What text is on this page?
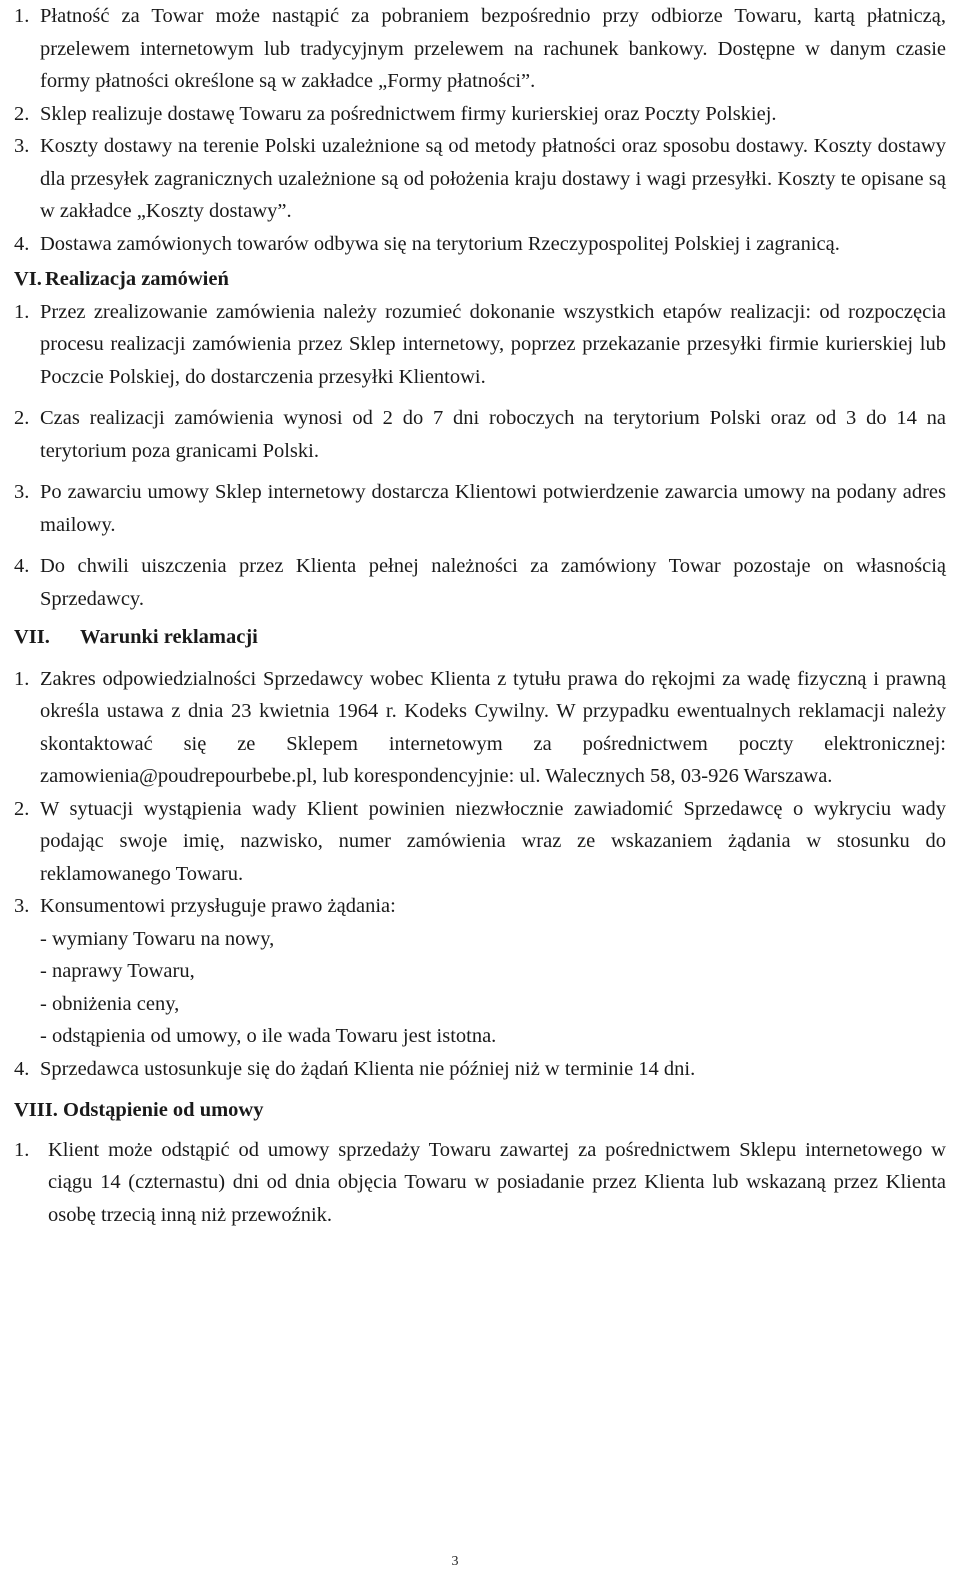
1. Płatność za Towar może nastąpić za pobraniem bezpośrednio przy odbiorze Towaru, kartą płatniczą, przelewem internetowym lub tradycyjnym przelewem na rachunek bankowy. Dostępne w danym czasie formy płatności określone są w zakładce „Formy płatności”.
2. Sklep realizuje dostawę Towaru za pośrednictwem firmy kurierskiej oraz Poczty Polskiej.
3. Koszty dostawy na terenie Polski uzależnione są od metody płatności oraz sposobu dostawy. Koszty dostawy dla przesyłek zagranicznych uzależnione są od położenia kraju dostawy i wagi przesyłki. Koszty te opisane są w zakładce „Koszty dostawy”.
4. Dostawa zamówionych towarów odbywa się na terytorium Rzeczypospolitej Polskiej i zagranicą.
VI. Realizacja zamówień
1. Przez zrealizowanie zamówienia należy rozumieć dokonanie wszystkich etapów realizacji: od rozpoczęcia procesu realizacji zamówienia przez Sklep internetowy, poprzez przekazanie przesyłki firmie kurierskiej lub Poczcie Polskiej, do dostarczenia przesyłki Klientowi.
2. Czas realizacji zamówienia wynosi od 2 do 7 dni roboczych na terytorium Polski oraz od 3 do 14 na terytorium poza granicami Polski.
3. Po zawarciu umowy Sklep internetowy dostarcza Klientowi potwierdzenie zawarcia umowy na podany adres mailowy.
4. Do chwili uiszczenia przez Klienta pełnej należności za zamówiony Towar pozostaje on własnością Sprzedawcy.
VII. Warunki reklamacji
1. Zakres odpowiedzialności Sprzedawcy wobec Klienta z tytułu prawa do rękojmi za wadę fizyczną i prawną określa ustawa z dnia 23 kwietnia 1964 r. Kodeks Cywilny. W przypadku ewentualnych reklamacji należy skontaktować się ze Sklepem internetowym za pośrednictwem poczty elektronicznej: zamowienia@poudrepourbebe.pl, lub korespondencyjnie: ul. Walecznych 58, 03-926 Warszawa.
2. W sytuacji wystąpienia wady Klient powinien niezwłocznie zawiadomić Sprzedawcę o wykryciu wady podając swoje imię, nazwisko, numer zamówienia wraz ze wskazaniem żądania w stosunku do reklamowanego Towaru.
3. Konsumentowi przysługuje prawo żądania:
- wymiany Towaru na nowy,
- naprawy Towaru,
- obniżenia ceny,
- odstąpienia od umowy, o ile wada Towaru jest istotna.
4. Sprzedawca ustosunkuje się do żądań Klienta nie później niż w terminie 14 dni.
VIII. Odstąpienie od umowy
1. Klient może odstąpić od umowy sprzedaży Towaru zawartej za pośrednictwem Sklepu internetowego w ciągu 14 (czternastu) dni od dnia objęcia Towaru w posiadanie przez Klienta lub wskazaną przez Klienta osobę trzecią inną niż przewoźnik.
3
